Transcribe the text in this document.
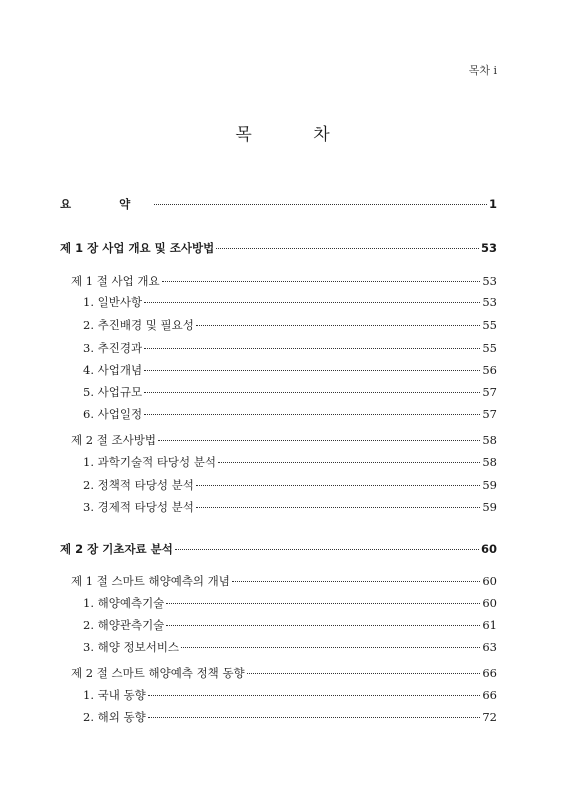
목차 i
목 차
요 약	1
제 1 장 사업 개요 및 조사방법	53
제 1 절 사업 개요	53
1. 일반사항	53
2. 추진배경 및 필요성	55
3. 추진경과	55
4. 사업개념	56
5. 사업규모	57
6. 사업일정	57
제 2 절 조사방법	58
1. 과학기술적 타당성 분석	58
2. 정책적 타당성 분석	59
3. 경제적 타당성 분석	59
제 2 장 기초자료 분석	60
제 1 절 스마트 해양예측의 개념	60
1. 해양예측기술	60
2. 해양관측기술	61
3. 해양 정보서비스	63
제 2 절 스마트 해양예측 정책 동향	66
1. 국내 동향	66
2. 해외 동향	72
